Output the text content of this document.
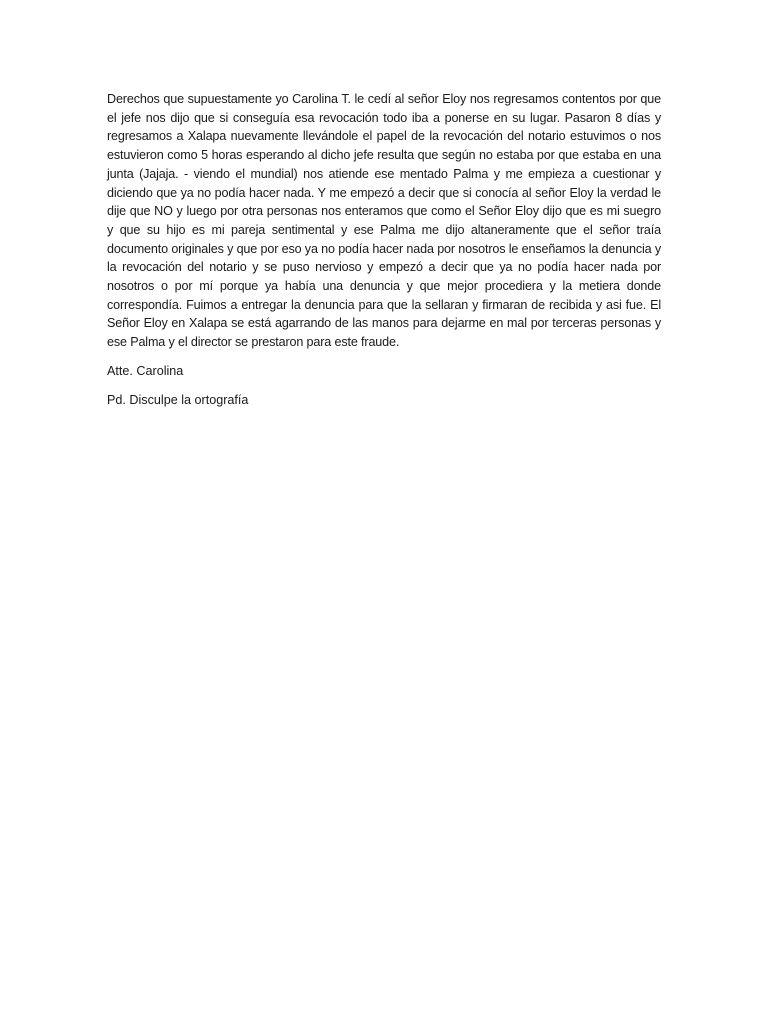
Derechos que supuestamente yo Carolina T. le cedí al señor Eloy nos regresamos contentos por que el jefe nos dijo que si conseguía esa revocación todo iba a ponerse en su lugar. Pasaron 8 días y regresamos a Xalapa nuevamente llevándole el papel de la revocación del notario estuvimos o nos estuvieron como 5 horas esperando al dicho jefe resulta que según no estaba por que estaba en una junta (Jajaja. - viendo el mundial) nos atiende ese mentado Palma y me empieza a cuestionar y diciendo que ya no podía hacer nada. Y me empezó a decir que si conocía al señor Eloy la verdad le dije que NO y luego por otra personas nos enteramos que como el Señor Eloy dijo que es mi suegro y que su hijo es mi pareja sentimental y ese Palma me dijo altaneramente que el señor traía documento originales y que por eso ya no podía hacer nada por nosotros le enseñamos la denuncia y la revocación del notario y se puso nervioso y empezó a decir que ya no podía hacer nada por nosotros o por mí porque ya había una denuncia y que mejor procediera y la metiera donde correspondía. Fuimos a entregar la denuncia para que la sellaran y firmaran de recibida y asi fue. El Señor Eloy en Xalapa se está agarrando de las manos para dejarme en mal por terceras personas y ese Palma y el director se prestaron para este fraude.

Atte. Carolina

Pd. Disculpe la ortografía
